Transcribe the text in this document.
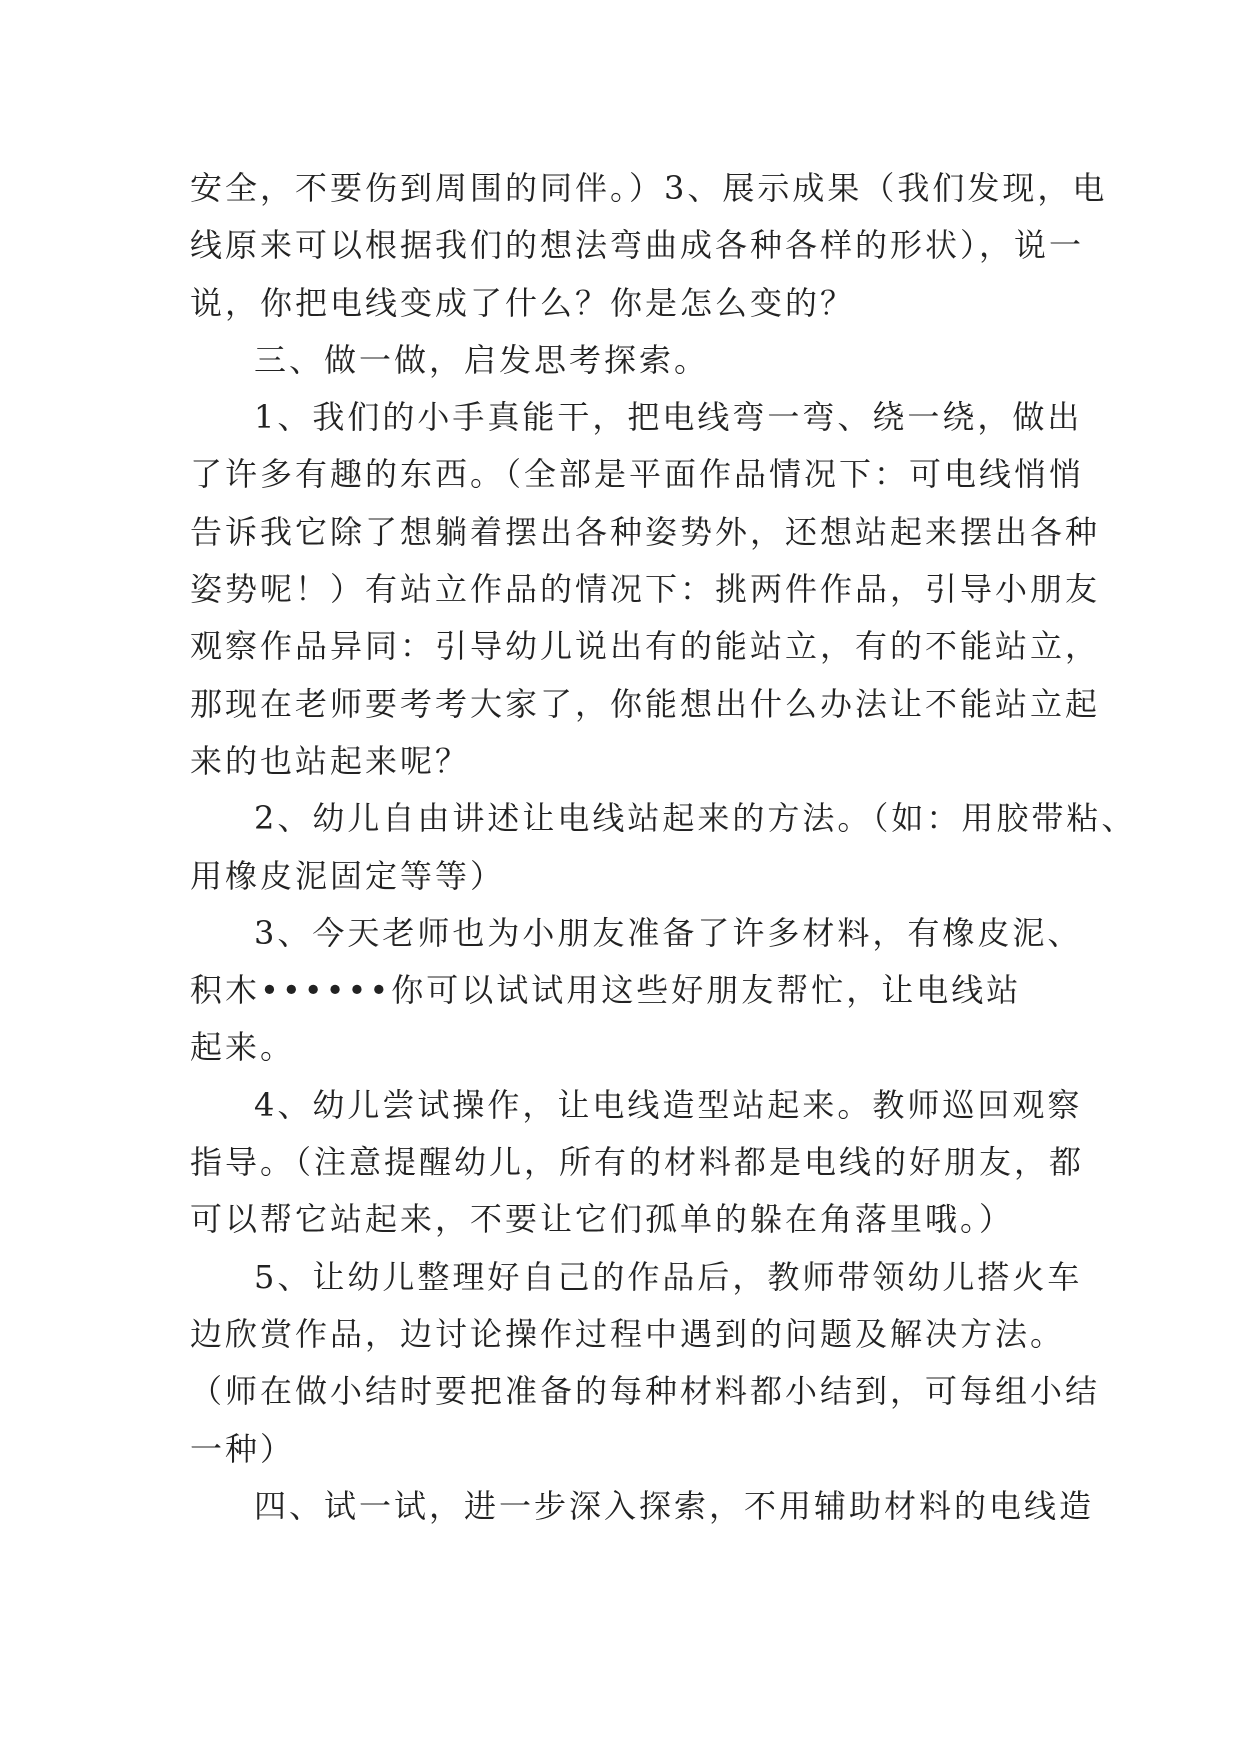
安全，不要伤到周围的同伴。）3、展示成果（我们发现，电
线原来可以根据我们的想法弯曲成各种各样的形状），说一
说，你把电线变成了什么？你是怎么变的？
三、做一做，启发思考探索。
1、我们的小手真能干，把电线弯一弯、绕一绕，做出
了许多有趣的东西。（全部是平面作品情况下：可电线悄悄
告诉我它除了想躺着摆出各种姿势外，还想站起来摆出各种
姿势呢！）有站立作品的情况下：挑两件作品，引导小朋友
观察作品异同：引导幼儿说出有的能站立，有的不能站立，
那现在老师要考考大家了，你能想出什么办法让不能站立起
来的也站起来呢？
2、幼儿自由讲述让电线站起来的方法。（如：用胶带粘、
用橡皮泥固定等等）
3、今天老师也为小朋友准备了许多材料，有橡皮泥、
积木••••••你可以试试用这些好朋友帮忙，让电线站
起来。
4、幼儿尝试操作，让电线造型站起来。教师巡回观察
指导。（注意提醒幼儿，所有的材料都是电线的好朋友，都
可以帮它站起来，不要让它们孤单的躲在角落里哦。）
5、让幼儿整理好自己的作品后，教师带领幼儿搭火车
边欣赏作品，边讨论操作过程中遇到的问题及解决方法。
（师在做小结时要把准备的每种材料都小结到，可每组小结
一种）
四、试一试，进一步深入探索，不用辅助材料的电线造
